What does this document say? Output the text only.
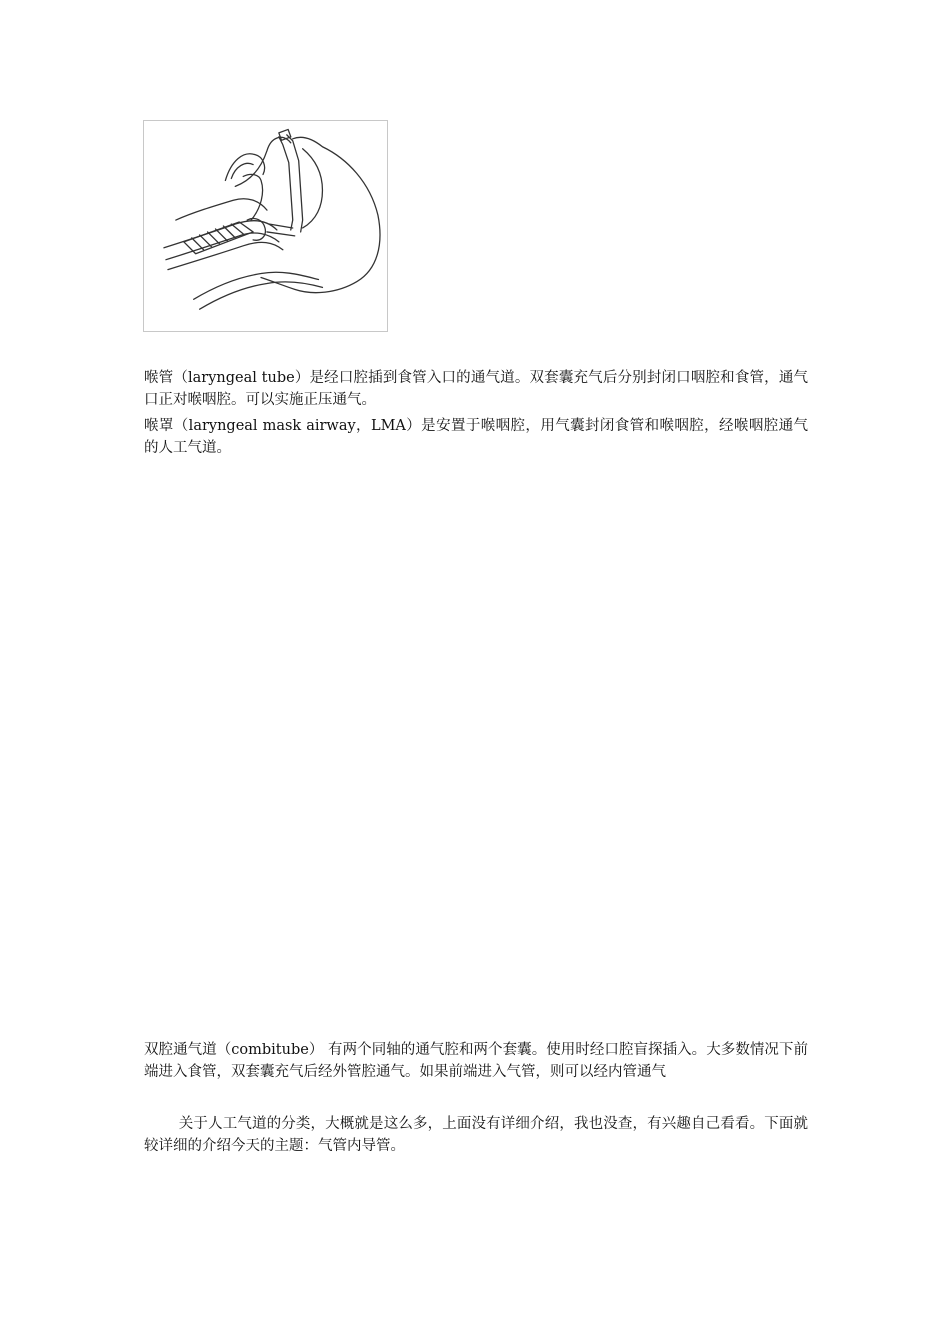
喉管（laryngeal tube）是经口腔插到食管入口的通气道。双套囊充气后分别封闭口咽腔和食管，通气口正对喉咽腔。可以实施正压通气。

喉罩（laryngeal mask airway，LMA）是安置于喉咽腔，用气囊封闭食管和喉咽腔，经喉咽腔通气的人工气道。

双腔通气道（combitube） 有两个同轴的通气腔和两个套囊。使用时经口腔盲探插入。大多数情况下前端进入食管，双套囊充气后经外管腔通气。如果前端进入气管，则可以经内管通气

关于人工气道的分类，大概就是这么多，上面没有详细介绍，我也没查，有兴趣自己看看。下面就较详细的介绍今天的主题：气管内导管。
